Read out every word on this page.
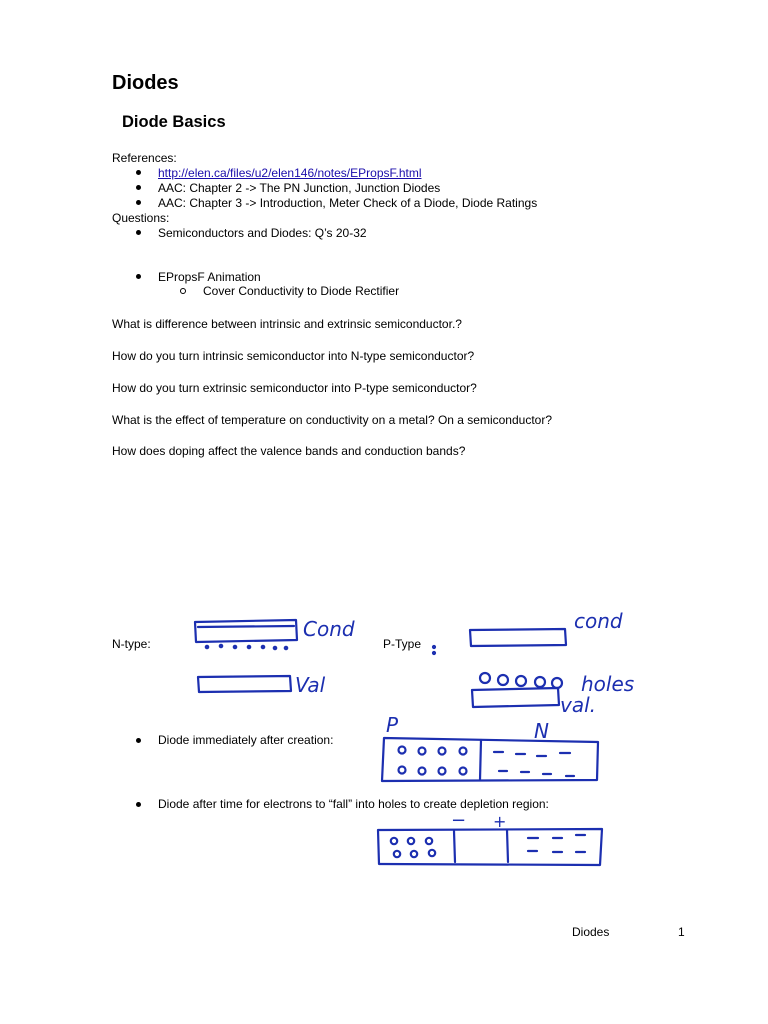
Diodes
Diode Basics
References:
http://elen.ca/files/u2/elen146/notes/EPropsF.html
AAC: Chapter 2 -> The PN Junction, Junction Diodes
AAC: Chapter 3 -> Introduction, Meter Check of a Diode, Diode Ratings
Questions:
Semiconductors and Diodes: Q’s 20-32
EPropsF Animation
Cover Conductivity to Diode Rectifier
What is difference between intrinsic and extrinsic semiconductor.?
How do you turn intrinsic semiconductor into N-type semiconductor?
How do you turn extrinsic semiconductor into P-type semiconductor?
What is the effect of temperature on conductivity on a metal? On a semiconductor?
How does doping affect the valence bands and conduction bands?
N-type:	P-Type
Diode immediately after creation:
Diode after time for electrons to “fall” into holes to create depletion region:
Cond
Val
cond
holes
val.
P	N
− +
Diodes	1
